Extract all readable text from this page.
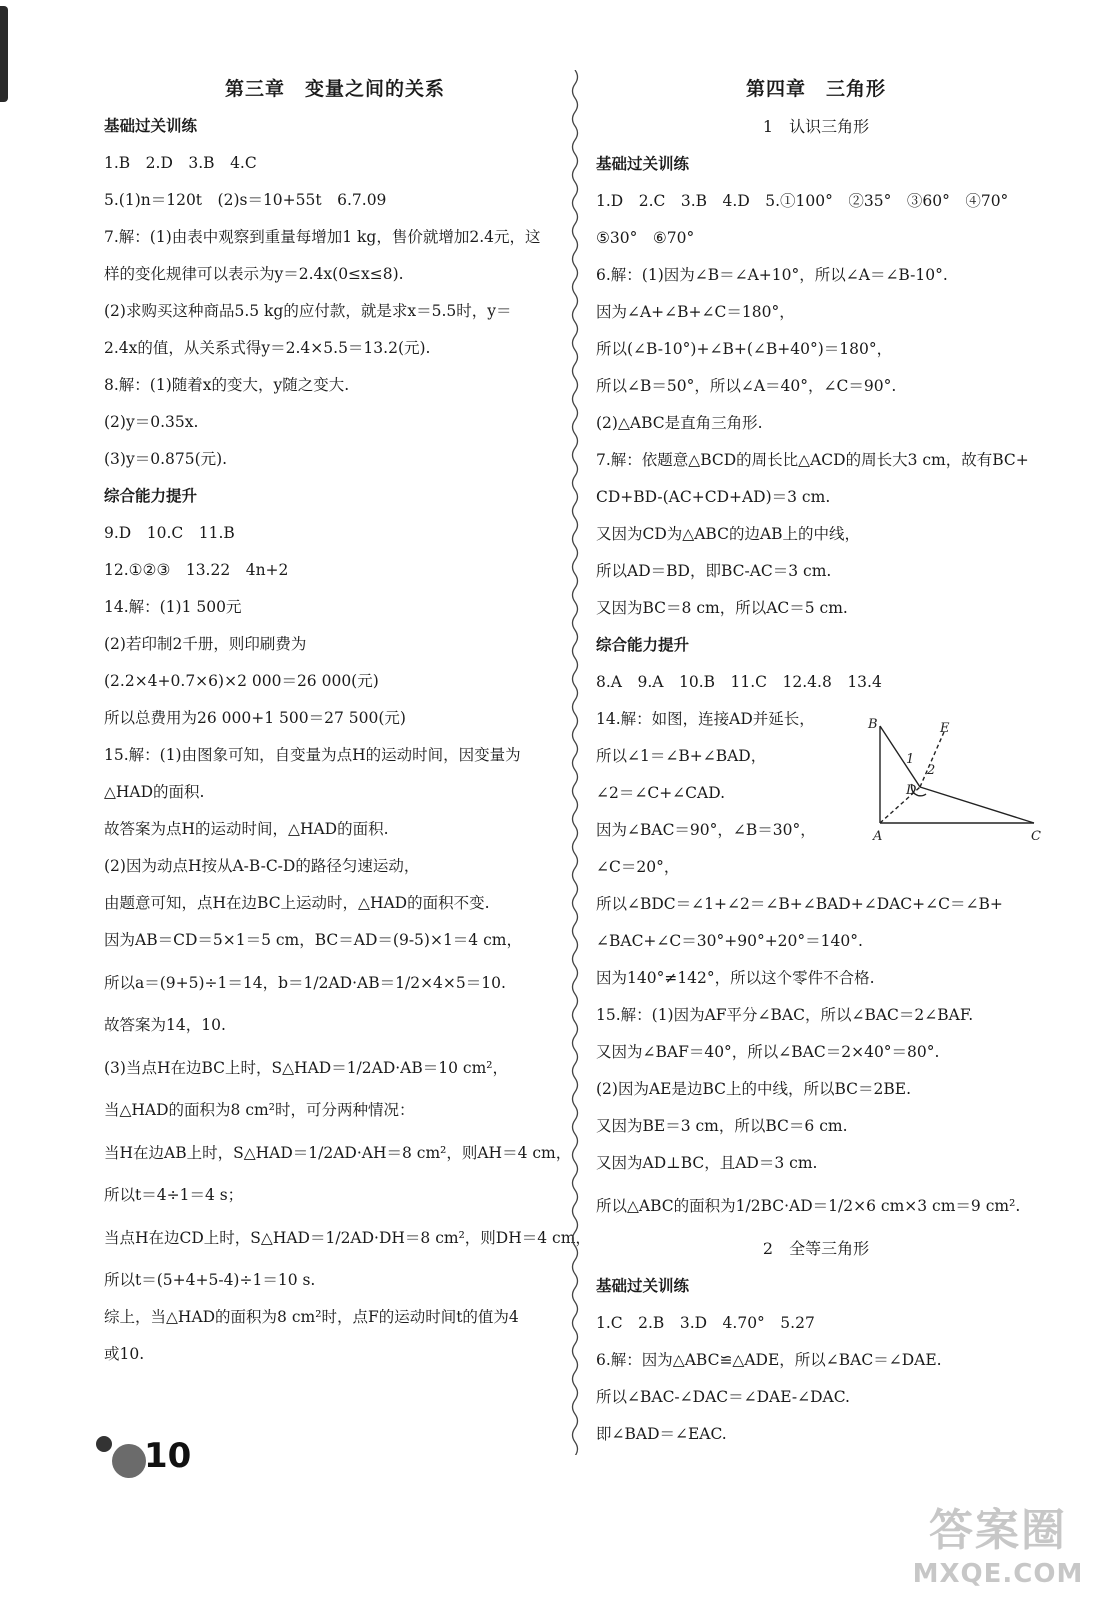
第三章　变量之间的关系
基础过关训练
1.B　2.D　3.B　4.C
5.(1)n＝120t　(2)s＝10+55t　6.7.09
7.解：(1)由表中观察到重量每增加1 kg，售价就增加2.4元，这
样的变化规律可以表示为y＝2.4x(0≤x≤8).
(2)求购买这种商品5.5 kg的应付款，就是求x＝5.5时，y＝
2.4x的值，从关系式得y＝2.4×5.5＝13.2(元).
8.解：(1)随着x的变大，y随之变大.
(2)y＝0.35x.
(3)y＝0.875(元).
综合能力提升
9.D　10.C　11.B
12.①②③　13.22　4n+2
14.解：(1)1 500元
(2)若印制2千册，则印刷费为
(2.2×4+0.7×6)×2 000＝26 000(元)
所以总费用为26 000+1 500＝27 500(元)
15.解：(1)由图象可知，自变量为点H的运动时间，因变量为
△HAD的面积.
故答案为点H的运动时间，△HAD的面积.
(2)因为动点H按从A-B-C-D的路径匀速运动，
由题意可知，点H在边BC上运动时，△HAD的面积不变.
因为AB＝CD＝5×1＝5 cm，BC＝AD＝(9-5)×1＝4 cm，
所以a＝(9+5)÷1＝14，b＝1/2AD·AB＝1/2×4×5＝10.
故答案为14，10.
(3)当点H在边BC上时，S△HAD＝1/2AD·AB＝10 cm²，
当△HAD的面积为8 cm²时，可分两种情况：
当H在边AB上时，S△HAD＝1/2AD·AH＝8 cm²，则AH＝4 cm，
所以t＝4÷1＝4 s；
当点H在边CD上时，S△HAD＝1/2AD·DH＝8 cm²，则DH＝4 cm，
所以t＝(5+4+5-4)÷1＝10 s.
综上，当△HAD的面积为8 cm²时，点F的运动时间t的值为4
或10.
第四章　三角形
1　认识三角形
基础过关训练
1.D　2.C　3.B　4.D　5.①100°　②35°　③60°　④70°
⑤30°　⑥70°
6.解：(1)因为∠B＝∠A+10°，所以∠A＝∠B-10°.
因为∠A+∠B+∠C＝180°，
所以(∠B-10°)+∠B+(∠B+40°)＝180°，
所以∠B＝50°，所以∠A＝40°，∠C＝90°.
(2)△ABC是直角三角形.
7.解：依题意△BCD的周长比△ACD的周长大3 cm，故有BC+
CD+BD-(AC+CD+AD)＝3 cm.
又因为CD为△ABC的边AB上的中线，
所以AD＝BD，即BC-AC＝3 cm.
又因为BC＝8 cm，所以AC＝5 cm.
综合能力提升
8.A　9.A　10.B　11.C　12.4.8　13.4
14.解：如图，连接AD并延长，
所以∠1＝∠B+∠BAD，
∠2＝∠C+∠CAD.
因为∠BAC＝90°，∠B＝30°，
∠C＝20°，
所以∠BDC＝∠1+∠2＝∠B+∠BAD+∠DAC+∠C＝∠B+
∠BAC+∠C＝30°+90°+20°＝140°.
因为140°≠142°，所以这个零件不合格.
15.解：(1)因为AF平分∠BAC，所以∠BAC＝2∠BAF.
又因为∠BAF＝40°，所以∠BAC＝2×40°＝80°.
(2)因为AE是边BC上的中线，所以BC＝2BE.
又因为BE＝3 cm，所以BC＝6 cm.
又因为AD⊥BC，且AD＝3 cm.
所以△ABC的面积为1/2BC·AD＝1/2×6 cm×3 cm＝9 cm².
2　全等三角形
基础过关训练
1.C　2.B　3.D　4.70°　5.27
6.解：因为△ABC≌△ADE，所以∠BAC＝∠DAE.
所以∠BAC-∠DAC＝∠DAE-∠DAC.
即∠BAD＝∠EAC.
B	E
1
2
D
A	C
10
答案圈
MXQE.COM
